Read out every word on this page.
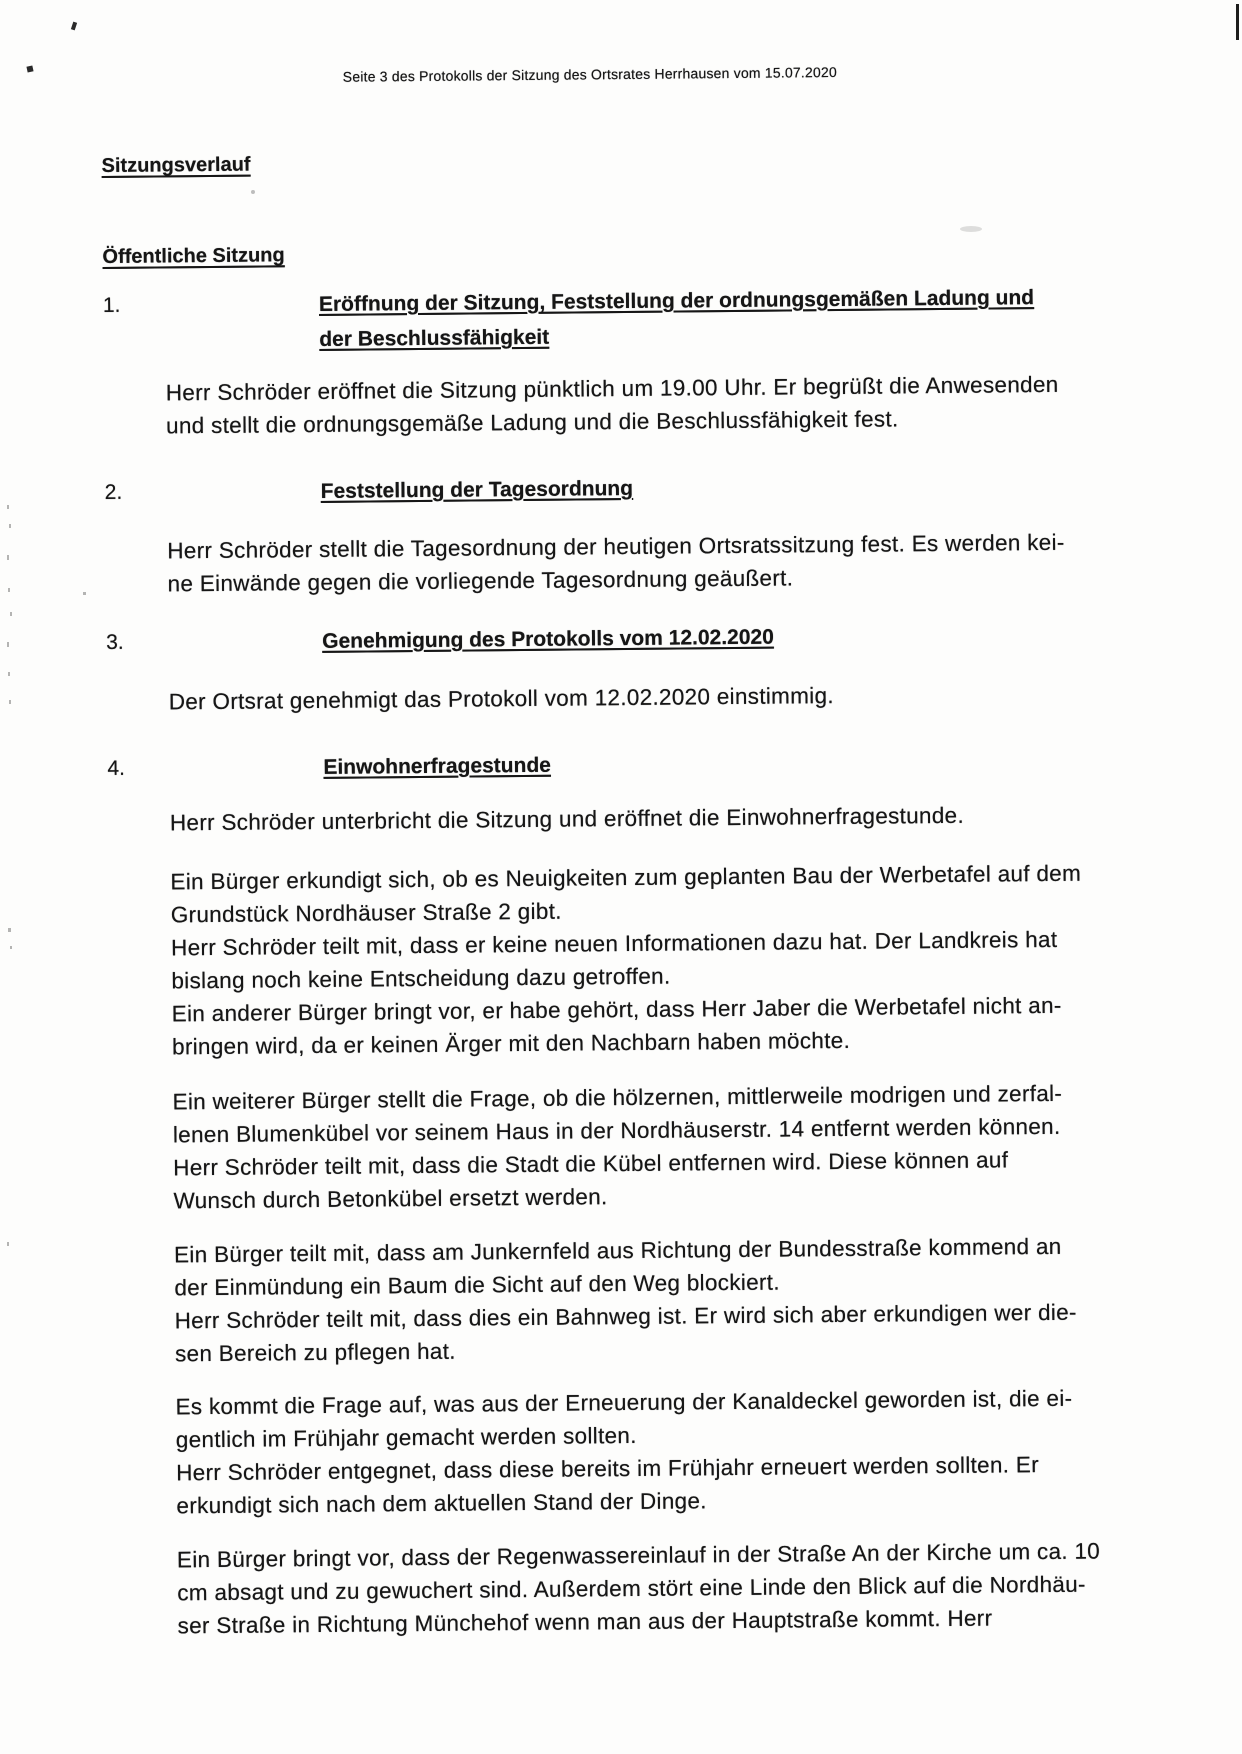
Seite 3 des Protokolls der Sitzung des Ortsrates Herrhausen vom 15.07.2020
Sitzungsverlauf
Öffentliche Sitzung
1.	Eröffnung der Sitzung, Feststellung der ordnungsgemäßen Ladung und
der Beschlussfähigkeit
Herr Schröder eröffnet die Sitzung pünktlich um 19.00 Uhr. Er begrüßt die Anwesenden
und stellt die ordnungsgemäße Ladung und die Beschlussfähigkeit fest.
2.	Feststellung der Tagesordnung
Herr Schröder stellt die Tagesordnung der heutigen Ortsratssitzung fest. Es werden kei-
ne Einwände gegen die vorliegende Tagesordnung geäußert.
3.	Genehmigung des Protokolls vom 12.02.2020
Der Ortsrat genehmigt das Protokoll vom 12.02.2020 einstimmig.
4.	Einwohnerfragestunde
Herr Schröder unterbricht die Sitzung und eröffnet die Einwohnerfragestunde.
Ein Bürger erkundigt sich, ob es Neuigkeiten zum geplanten Bau der Werbetafel auf dem
Grundstück Nordhäuser Straße 2 gibt.
Herr Schröder teilt mit, dass er keine neuen Informationen dazu hat. Der Landkreis hat
bislang noch keine Entscheidung dazu getroffen.
Ein anderer Bürger bringt vor, er habe gehört, dass Herr Jaber die Werbetafel nicht an-
bringen wird, da er keinen Ärger mit den Nachbarn haben möchte.
Ein weiterer Bürger stellt die Frage, ob die hölzernen, mittlerweile modrigen und zerfal-
lenen Blumenkübel vor seinem Haus in der Nordhäuserstr. 14 entfernt werden können.
Herr Schröder teilt mit, dass die Stadt die Kübel entfernen wird. Diese können auf
Wunsch durch Betonkübel ersetzt werden.
Ein Bürger teilt mit, dass am Junkernfeld aus Richtung der Bundesstraße kommend an
der Einmündung ein Baum die Sicht auf den Weg blockiert.
Herr Schröder teilt mit, dass dies ein Bahnweg ist. Er wird sich aber erkundigen wer die-
sen Bereich zu pflegen hat.
Es kommt die Frage auf, was aus der Erneuerung der Kanaldeckel geworden ist, die ei-
gentlich im Frühjahr gemacht werden sollten.
Herr Schröder entgegnet, dass diese bereits im Frühjahr erneuert werden sollten. Er
erkundigt sich nach dem aktuellen Stand der Dinge.
Ein Bürger bringt vor, dass der Regenwassereinlauf in der Straße An der Kirche um ca. 10
cm absagt und zu gewuchert sind. Außerdem stört eine Linde den Blick auf die Nordhäu-
ser Straße in Richtung Münchehof wenn man aus der Hauptstraße kommt. Herr
